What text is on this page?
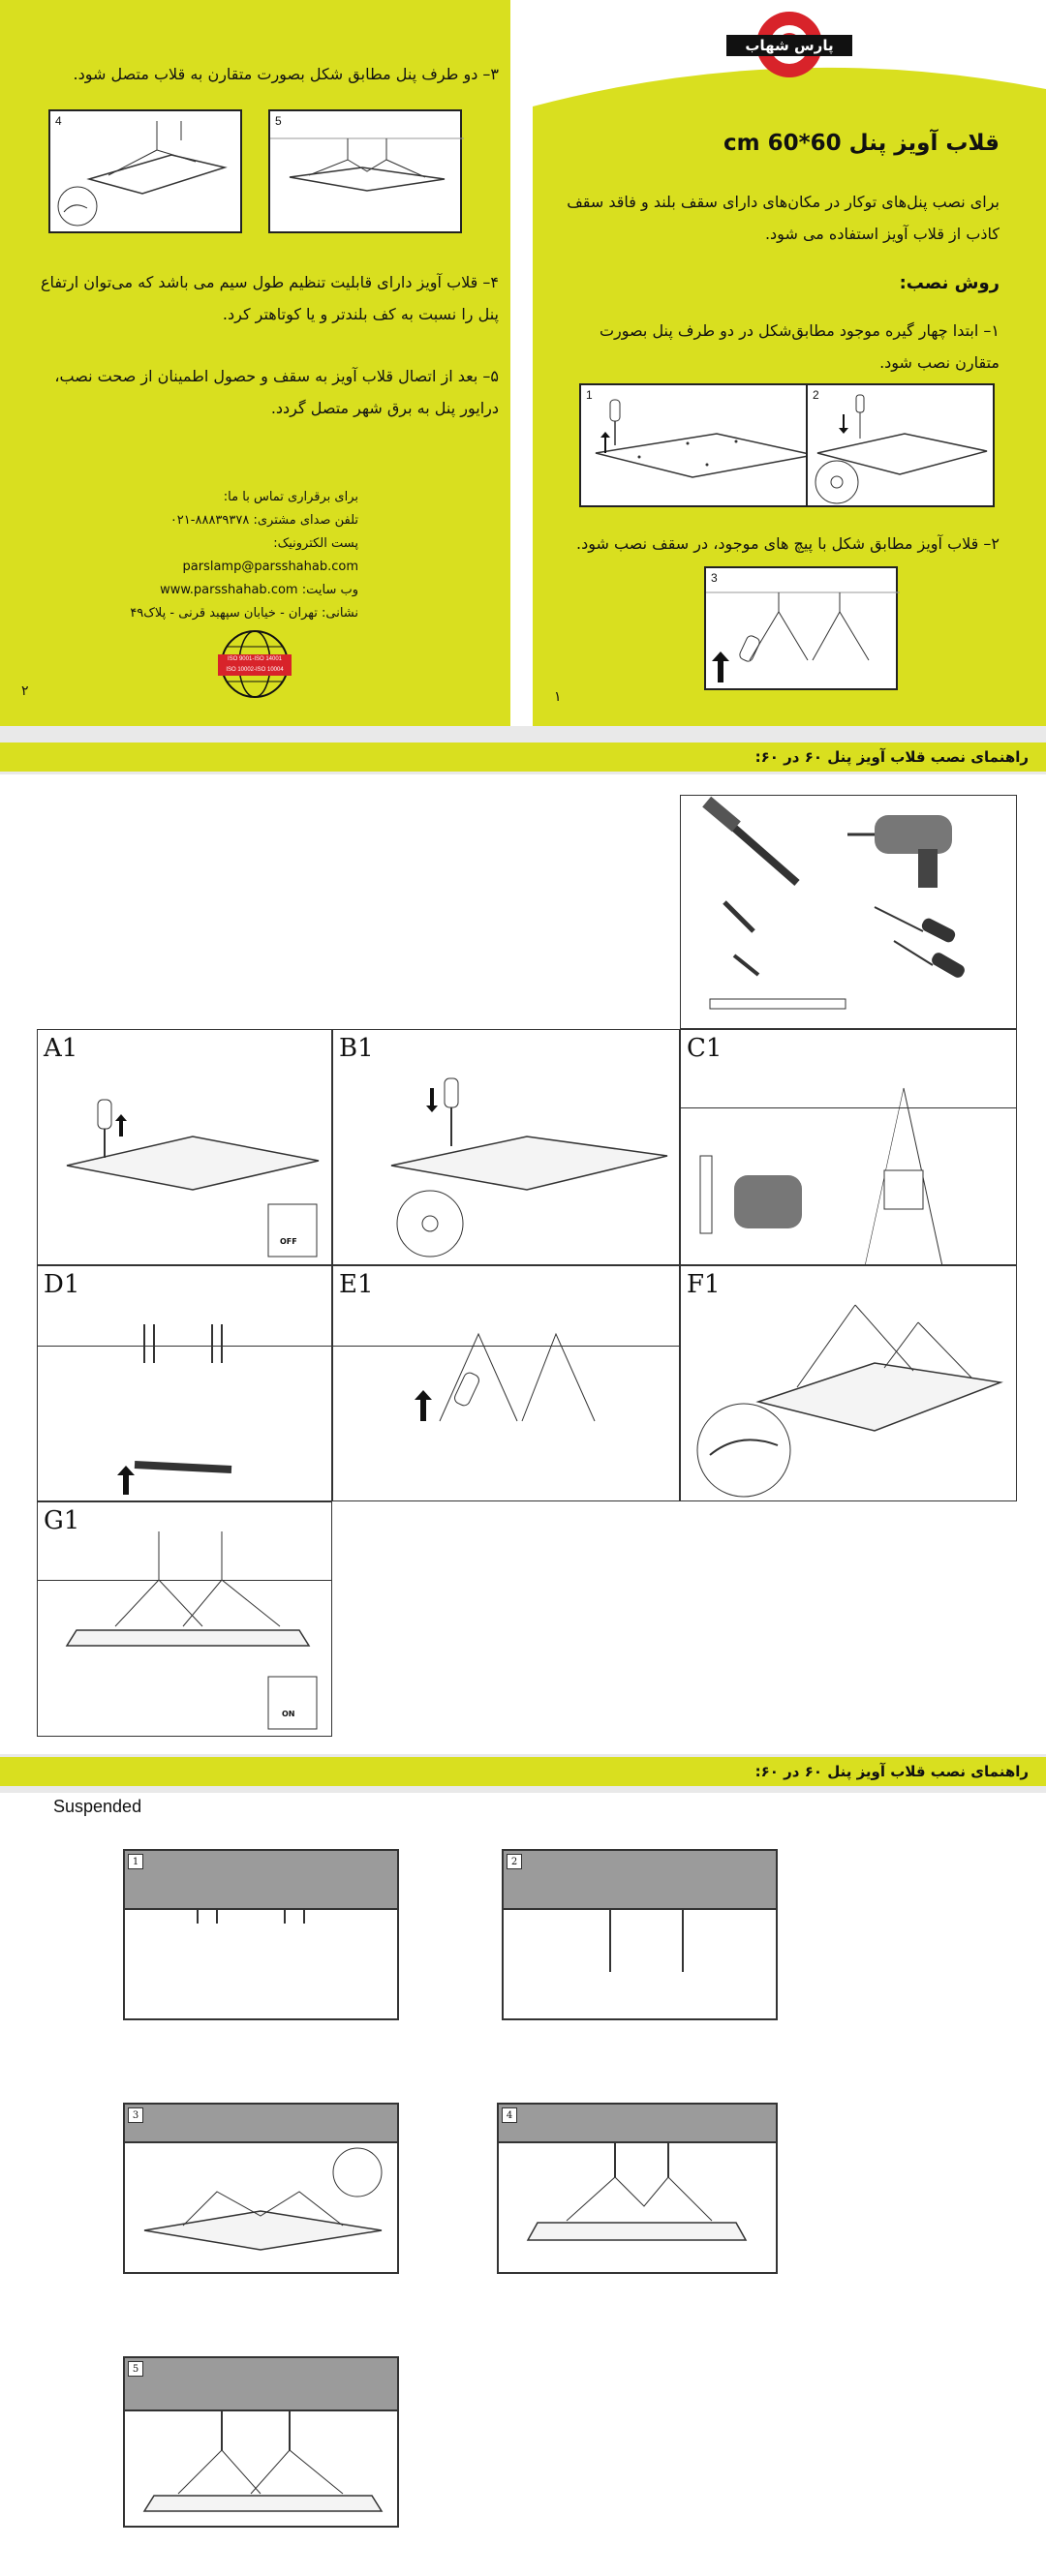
۳– دو طرف پنل مطابق شکل بصورت متقارن به قلاب متصل شود.
4	5
۴– قلاب آویز دارای قابلیت تنظیم طول سیم می باشد که می‌توان ارتفاع پنل را نسبت به کف بلندتر و یا کوتاهتر کرد.
۵– بعد از اتصال قلاب آویز به سقف و حصول اطمینان از صحت نصب، درایور پنل به برق شهر متصل گردد.
برای برقراری تماس با ما:
تلفن صدای مشتری: ۸۸۸۳۹۳۷۸-۰۲۱
پست الکترونیک: parslamp@parsshahab.com
وب سایت: www.parsshahab.com
نشانی: تهران - خیابان سپهبد قرنی - پلاک۴۹
ISO 9001-ISO 14001
ISO 10002-ISO 10004
۲
پارس شهاب
قلاب آویز پنل 60*60 cm
برای نصب پنل‌های توکار در مکان‌های دارای سقف بلند و فاقد سقف کاذب از قلاب آویز استفاده می شود.
روش نصب:
۱– ابتدا چهار گیره موجود مطابق‌شکل در دو طرف پنل بصورت متقارن نصب شود.
1	2
۲– قلاب آویز مطابق شکل با پیچ های موجود، در سقف نصب شود.
3
۱
راهنمای نصب قلاب آویز پنل ۶۰ در ۶۰:
A1
OFF
B1	C1
D1	E1	F1
G1
ON
راهنمای نصب قلاب آویز پنل ۶۰ در ۶۰:
Suspended
1	2
3	4
5
